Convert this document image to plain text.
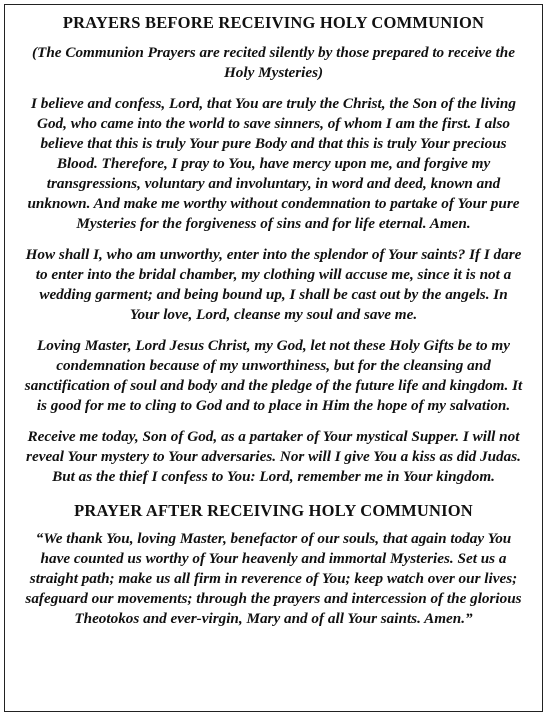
PRAYERS BEFORE RECEIVING HOLY COMMUNION
(The Communion Prayers are recited silently by those prepared to receive the Holy Mysteries)
I believe and confess, Lord, that You are truly the Christ, the Son of the living God, who came into the world to save sinners, of whom I am the first. I also believe that this is truly Your pure Body and that this is truly Your precious Blood. Therefore, I pray to You, have mercy upon me, and forgive my transgressions, voluntary and involuntary, in word and deed, known and unknown. And make me worthy without condemnation to partake of Your pure Mysteries for the forgiveness of sins and for life eternal. Amen.
How shall I, who am unworthy, enter into the splendor of Your saints? If I dare to enter into the bridal chamber, my clothing will accuse me, since it is not a wedding garment; and being bound up, I shall be cast out by the angels. In Your love, Lord, cleanse my soul and save me.
Loving Master, Lord Jesus Christ, my God, let not these Holy Gifts be to my condemnation because of my unworthiness, but for the cleansing and sanctification of soul and body and the pledge of the future life and kingdom. It is good for me to cling to God and to place in Him the hope of my salvation.
Receive me today, Son of God, as a partaker of Your mystical Supper. I will not reveal Your mystery to Your adversaries. Nor will I give You a kiss as did Judas. But as the thief I confess to You: Lord, remember me in Your kingdom.
PRAYER AFTER RECEIVING HOLY COMMUNION
“We thank You, loving Master, benefactor of our souls, that again today You have counted us worthy of Your heavenly and immortal Mysteries. Set us a straight path; make us all firm in reverence of You; keep watch over our lives; safeguard our movements; through the prayers and intercession of the glorious Theotokos and ever-virgin, Mary and of all Your saints. Amen.”
